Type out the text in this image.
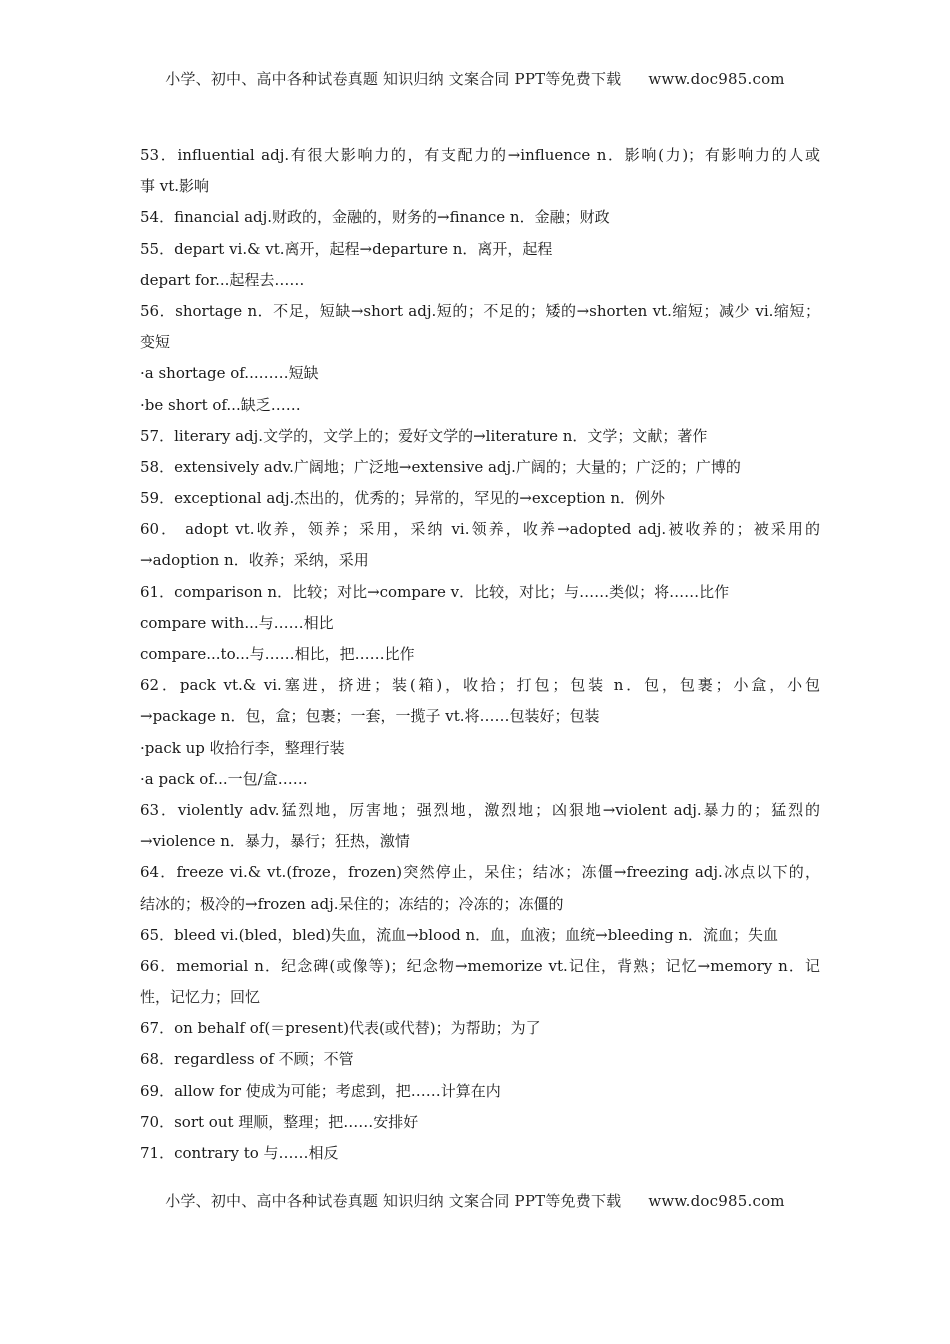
小学、初中、高中各种试卷真题 知识归纳 文案合同 PPT等免费下载 www.doc985.com
53．influential adj.有很大影响力的，有支配力的→influence n．影响(力)；有影响力的人或
事 vt.影响
54．financial adj.财政的，金融的，财务的→finance n．金融；财政
55．depart vi.& vt.离开，起程→departure n．离开，起程
depart for...起程去……
56．shortage n．不足，短缺→short adj.短的；不足的；矮的→shorten vt.缩短；减少 vi.缩短；
变短
·a shortage of...……短缺
·be short of...缺乏……
57．literary adj.文学的，文学上的；爱好文学的→literature n．文学；文献；著作
58．extensively adv.广阔地；广泛地→extensive adj.广阔的；大量的；广泛的；广博的
59．exceptional adj.杰出的，优秀的；异常的，罕见的→exception n．例外
60． adopt vt.收养，领养；采用，采纳 vi.领养，收养→adopted adj.被收养的；被采用的
→adoption n．收养；采纳，采用
61．comparison n．比较；对比→compare v．比较，对比；与……类似；将……比作
compare with...与……相比
compare...to...与……相比，把……比作
62．pack vt.& vi.塞进，挤进；装(箱)，收拾；打包；包装 n．包，包裹；小盒，小包
→package n．包，盒；包裹；一套，一揽子 vt.将……包装好；包装
·pack up 收拾行李，整理行装
·a pack of...一包/盒……
63．violently adv.猛烈地，厉害地；强烈地，激烈地；凶狠地→violent adj.暴力的；猛烈的
→violence n．暴力，暴行；狂热，激情
64．freeze vi.& vt.(froze，frozen)突然停止，呆住；结冰；冻僵→freezing adj.冰点以下的，
结冰的；极冷的→frozen adj.呆住的；冻结的；冷冻的；冻僵的
65．bleed vi.(bled，bled)失血，流血→blood n．血，血液；血统→bleeding n．流血；失血
66．memorial n．纪念碑(或像等)；纪念物→memorize vt.记住，背熟；记忆→memory n．记
性，记忆力；回忆
67．on behalf of(＝present)代表(或代替)；为帮助；为了
68．regardless of 不顾；不管
69．allow for 使成为可能；考虑到，把……计算在内
70．sort out 理顺，整理；把……安排好
71．contrary to 与……相反
小学、初中、高中各种试卷真题 知识归纳 文案合同 PPT等免费下载 www.doc985.com
